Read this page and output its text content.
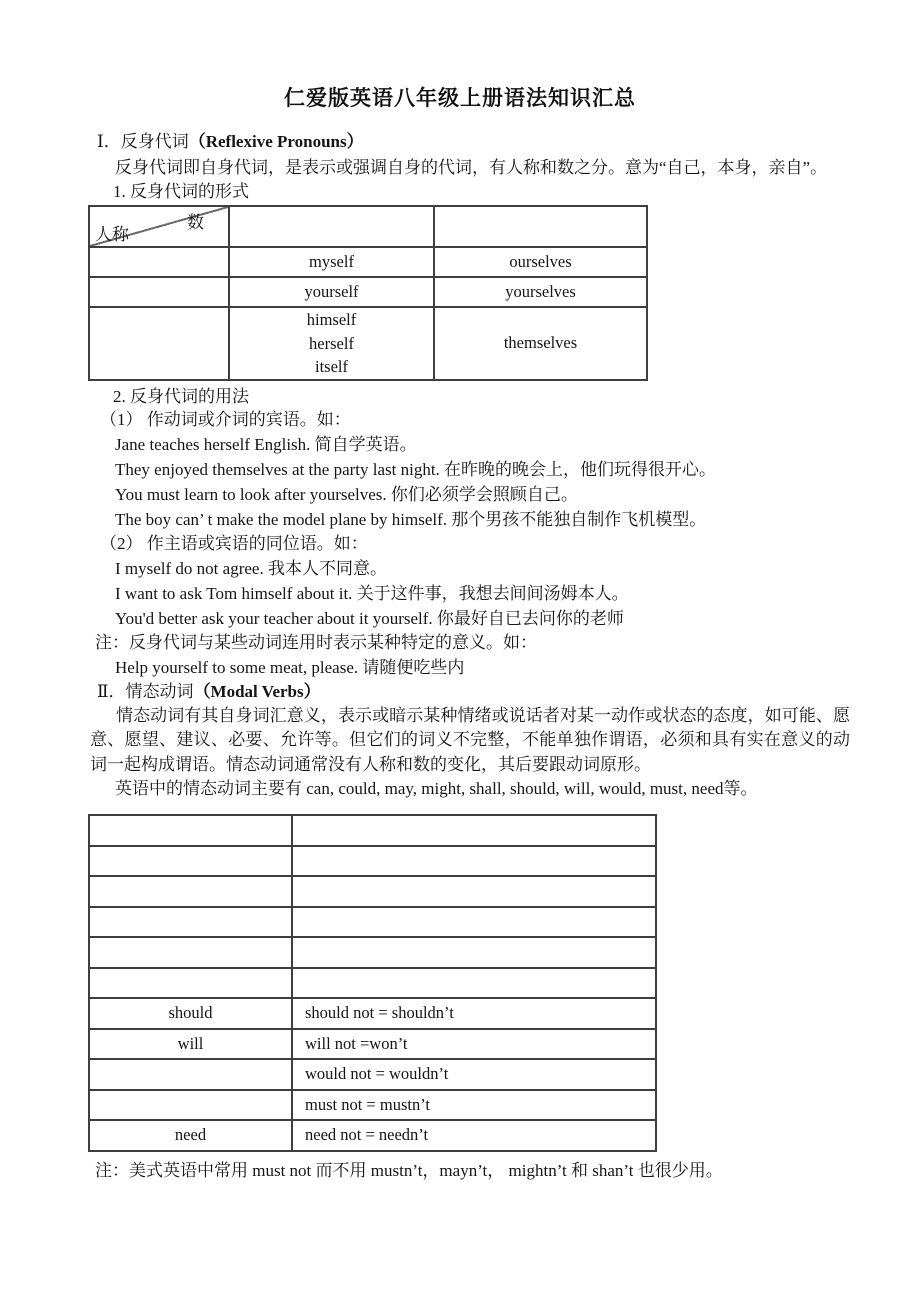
仁爱版英语八年级上册语法知识汇总
Ⅰ．反身代词（Reflexive Pronouns）
反身代词即自身代词，是表示或强调自身的代词，有人称和数之分。意为“自己，本身，亲自”。
1. 反身代词的形式
数
人称		

	myself	ourselves
	yourself	yourselves

	himself
herself
itself	themselves
2. 反身代词的用法
（1） 作动词或介词的宾语。如：
Jane teaches herself English. 简自学英语。
They enjoyed themselves at the party last night. 在昨晚的晚会上，他们玩得很开心。
You must learn to look after yourselves. 你们必须学会照顾自己。
The boy can’ t make the model plane by himself. 那个男孩不能独自制作飞机模型。
（2） 作主语或宾语的同位语。如：
I myself do not agree. 我本人不同意。
I want to ask Tom himself about it. 关于这件事，我想去间间汤姆本人。
You'd better ask your teacher about it yourself. 你最好自已去问你的老师
注：反身代词与某些动词连用时表示某种特定的意义。如：
Help yourself to some meat, please. 请随便吃些内
Ⅱ．情态动词（Modal Verbs）
情态动词有其自身词汇意义，表示或暗示某种情绪或说话者对某一动作或状态的态度，如可能、愿意、愿望、建议、必要、允许等。但它们的词义不完整，不能单独作谓语，必须和具有实在意义的动词一起构成谓语。情态动词通常没有人称和数的变化，其后要跟动词原形。
英语中的情态动词主要有 can, could, may, might, shall, should, will, would, must, need等。

should	should not = shouldn’t
will	will not =won’t
	would not = wouldn’t
	must not = mustn’t
need	need not = needn’t
注：美式英语中常用 must not 而不用 mustn’t，mayn’t， mightn’t 和 shan’t 也很少用。
